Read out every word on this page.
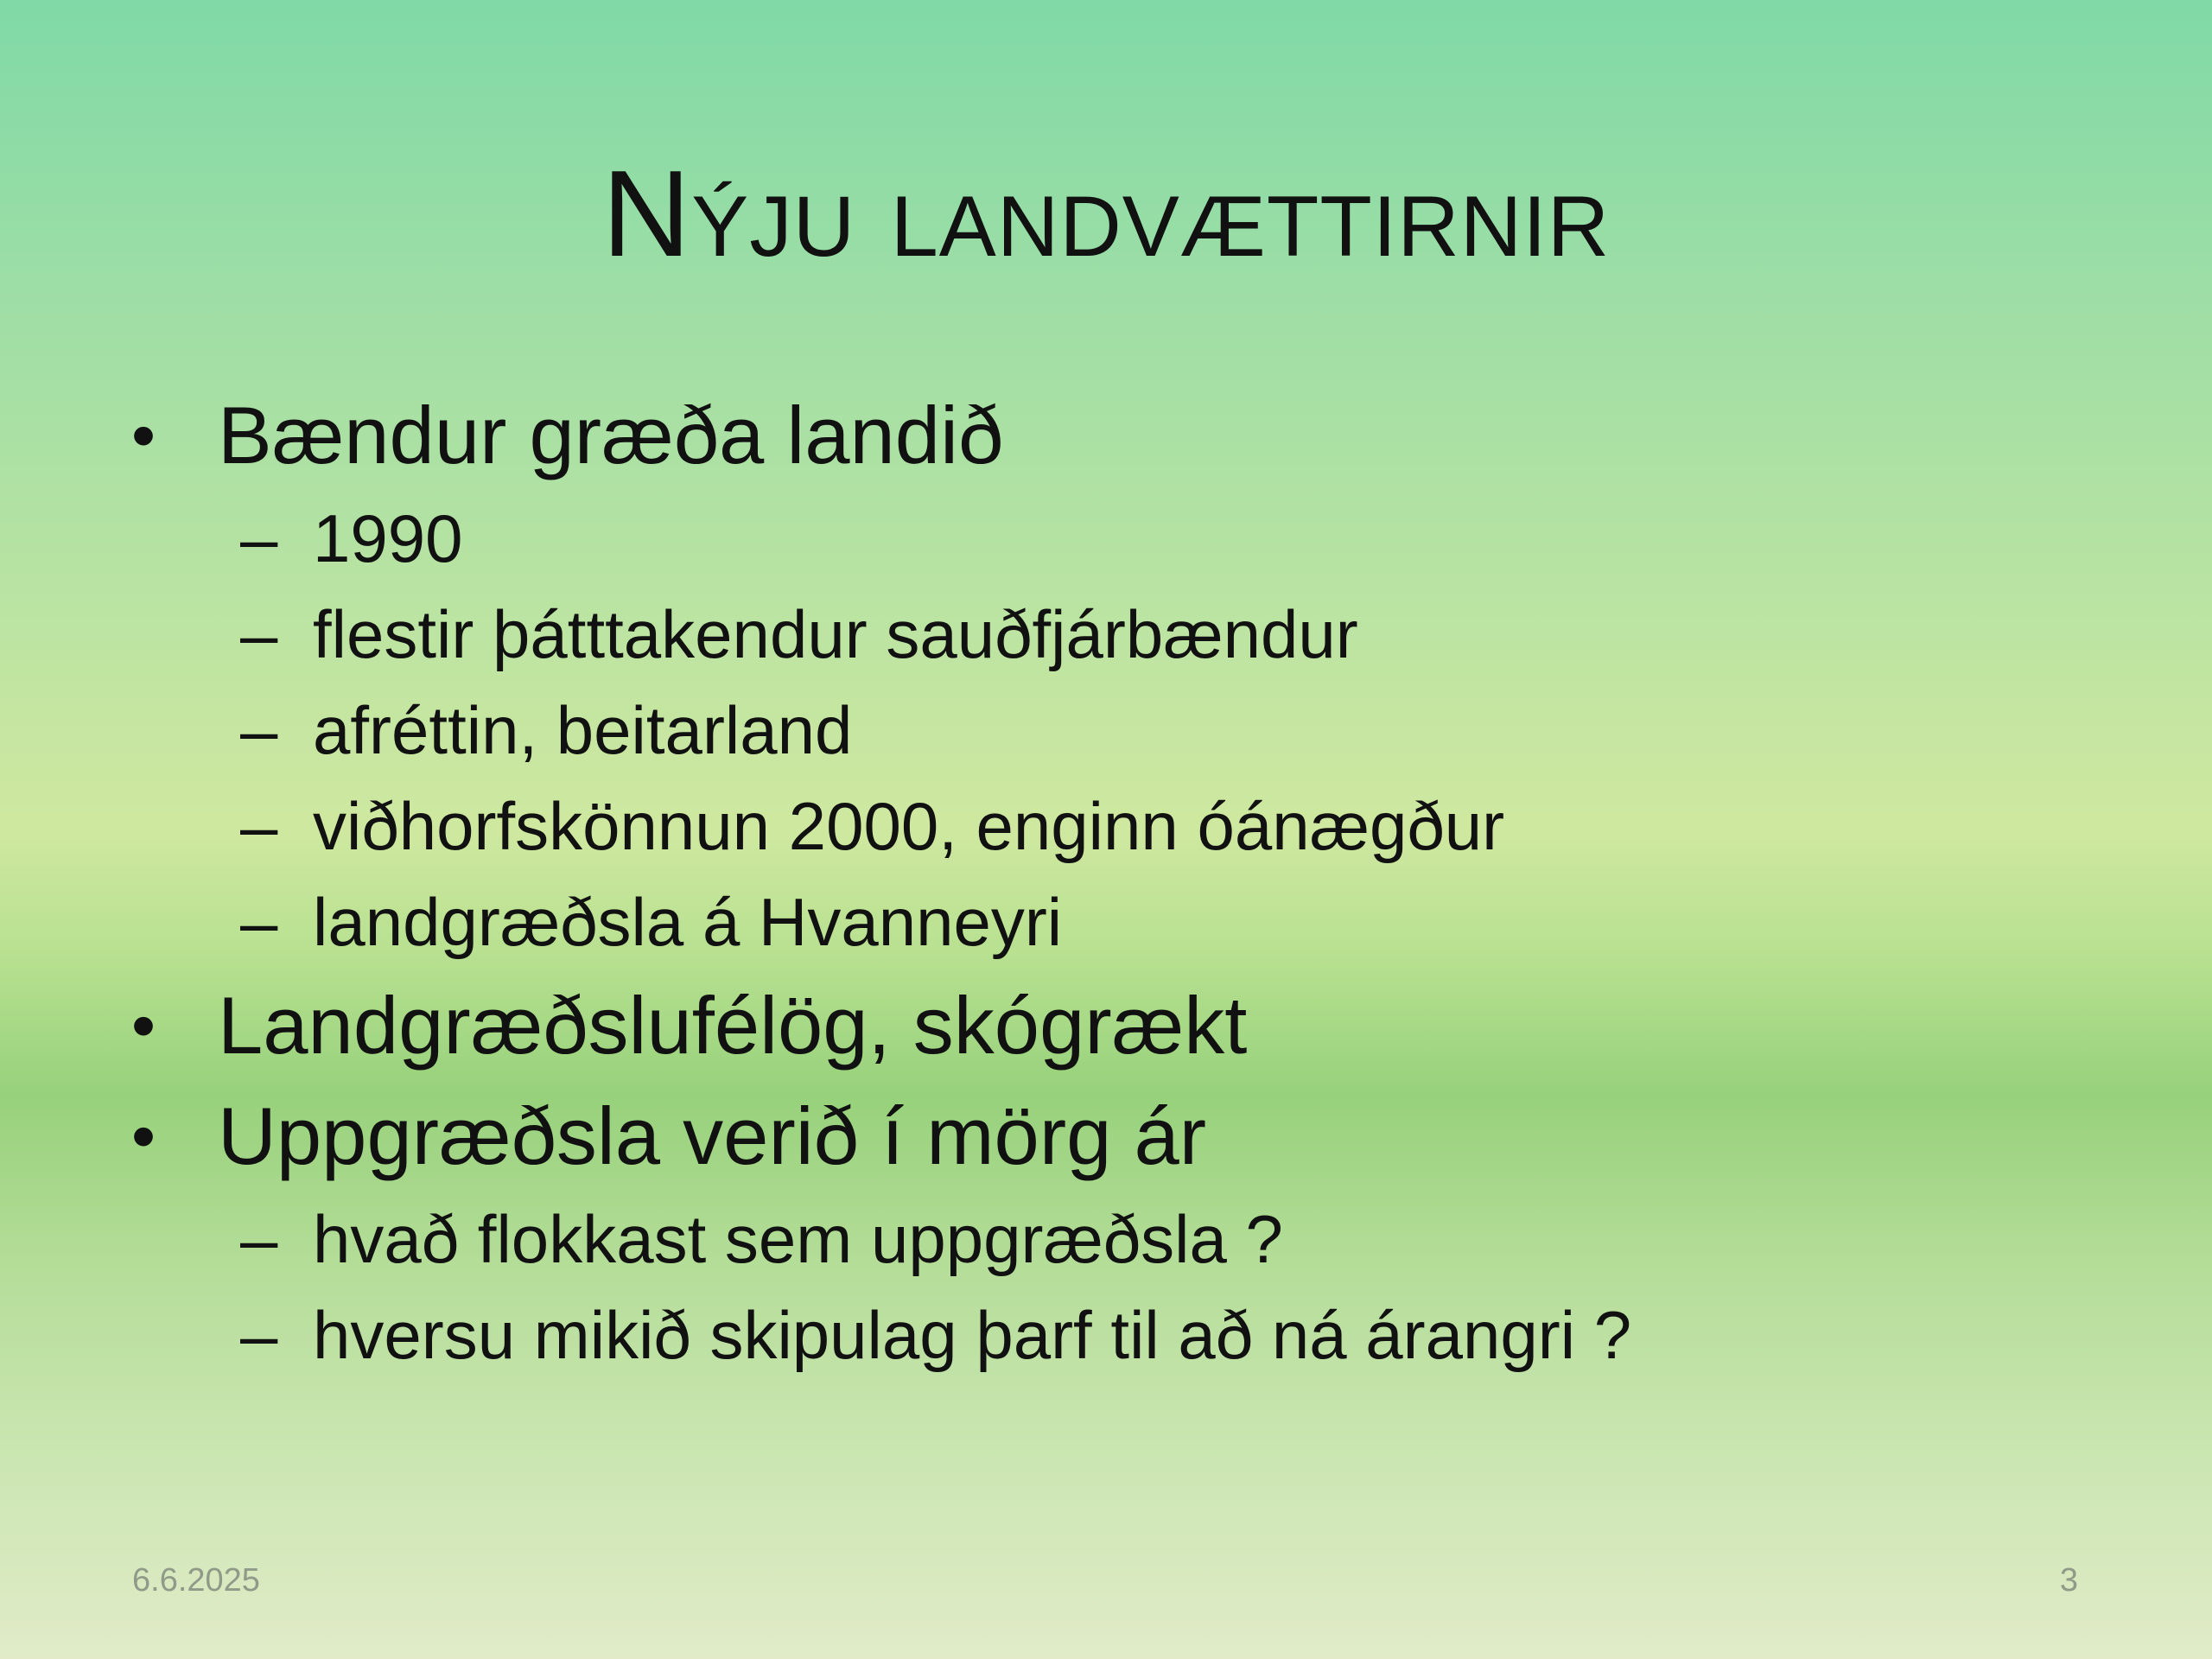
Nýju landvættirnir
• Bændur græða landið
– 1990
– flestir þátttakendur sauðfjárbændur
– afréttin, beitarland
– viðhorfskönnun 2000, enginn óánægður
– landgræðsla á Hvanneyri
• Landgræðslufélög, skógrækt
• Uppgræðsla verið í mörg ár
– hvað flokkast sem uppgræðsla ?
– hversu mikið skipulag þarf til að ná árangri ?
6.6.2025	3
